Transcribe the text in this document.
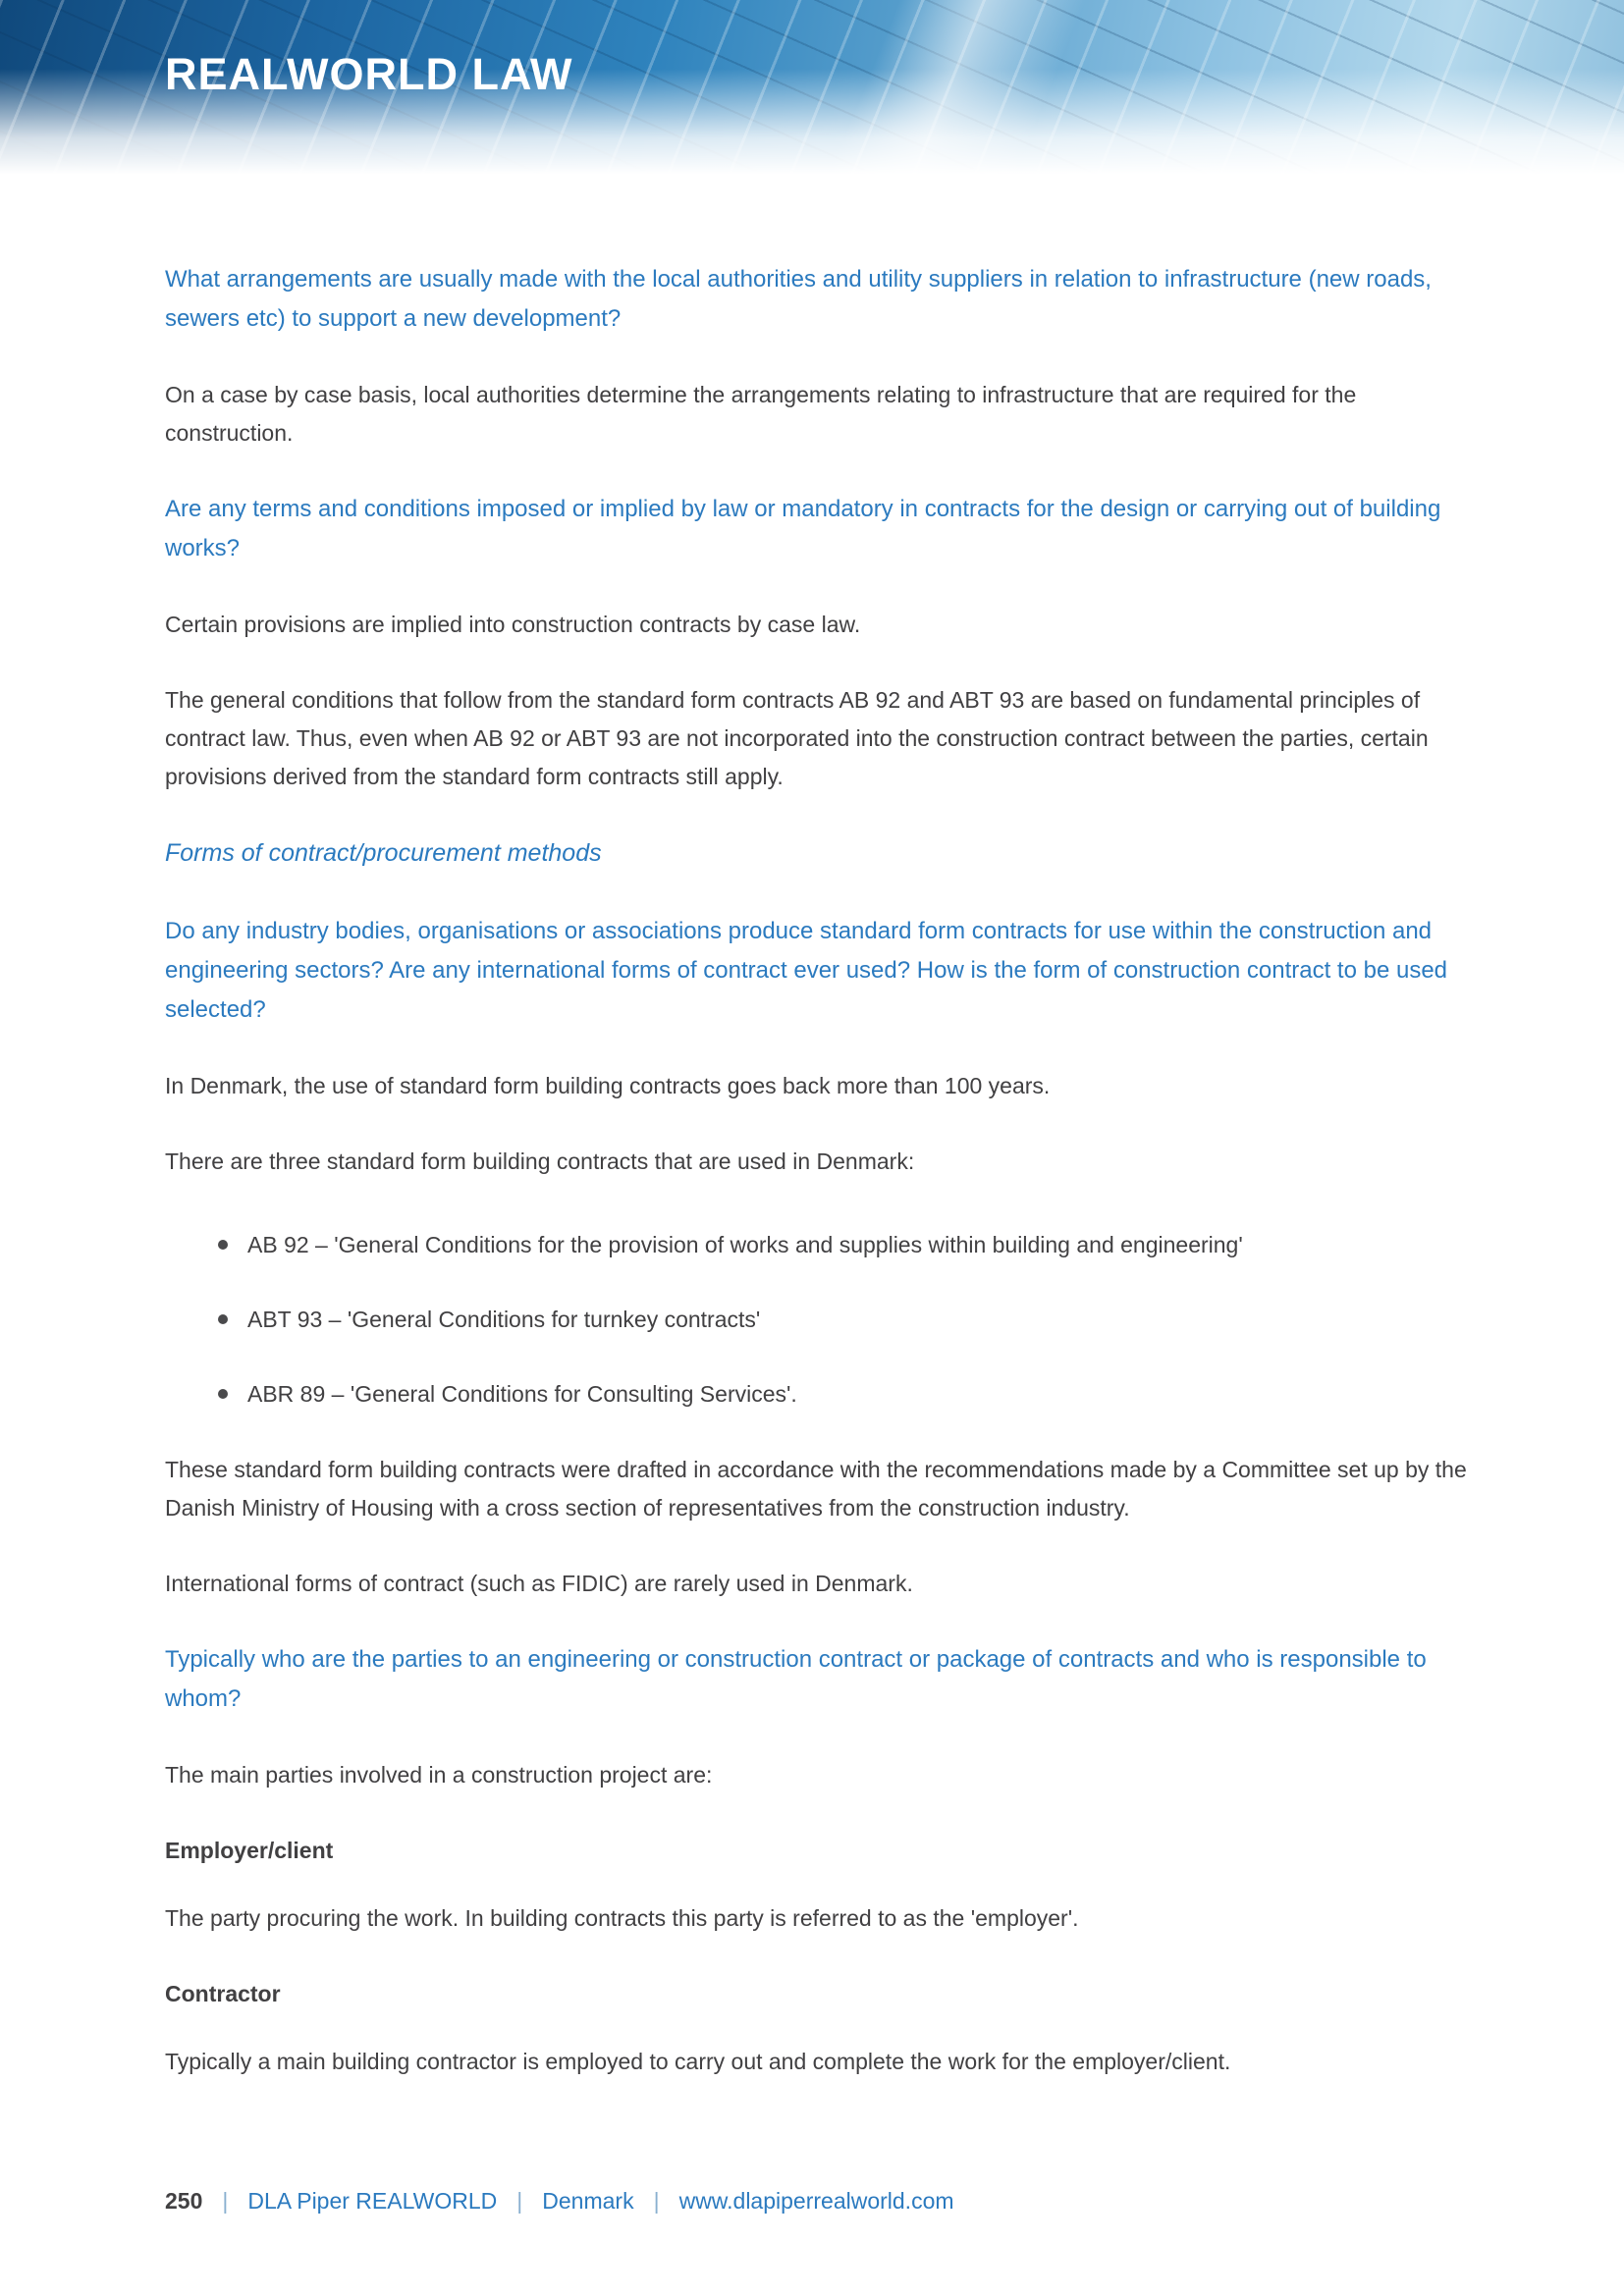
REALWORLD LAW
What arrangements are usually made with the local authorities and utility suppliers in relation to infrastructure (new roads, sewers etc) to support a new development?

On a case by case basis, local authorities determine the arrangements relating to infrastructure that are required for the construction.

Are any terms and conditions imposed or implied by law or mandatory in contracts for the design or carrying out of building works?

Certain provisions are implied into construction contracts by case law.

The general conditions that follow from the standard form contracts AB 92 and ABT 93 are based on fundamental principles of contract law. Thus, even when AB 92 or ABT 93 are not incorporated into the construction contract between the parties, certain provisions derived from the standard form contracts still apply.

Forms of contract/procurement methods
Do any industry bodies, organisations or associations produce standard form contracts for use within the construction and engineering sectors? Are any international forms of contract ever used? How is the form of construction contract to be used selected?

In Denmark, the use of standard form building contracts goes back more than 100 years.

There are three standard form building contracts that are used in Denmark:

AB 92 – 'General Conditions for the provision of works and supplies within building and engineering'
ABT 93 – 'General Conditions for turnkey contracts'
ABR 89 – 'General Conditions for Consulting Services'.

These standard form building contracts were drafted in accordance with the recommendations made by a Committee set up by the Danish Ministry of Housing with a cross section of representatives from the construction industry.

International forms of contract (such as FIDIC) are rarely used in Denmark.

Typically who are the parties to an engineering or construction contract or package of contracts and who is responsible to whom?

The main parties involved in a construction project are:

Employer/client

The party procuring the work. In building contracts this party is referred to as the 'employer'.

Contractor

Typically a main building contractor is employed to carry out and complete the work for the employer/client.

250 | DLA Piper REALWORLD | Denmark | www.dlapiperrealworld.com
